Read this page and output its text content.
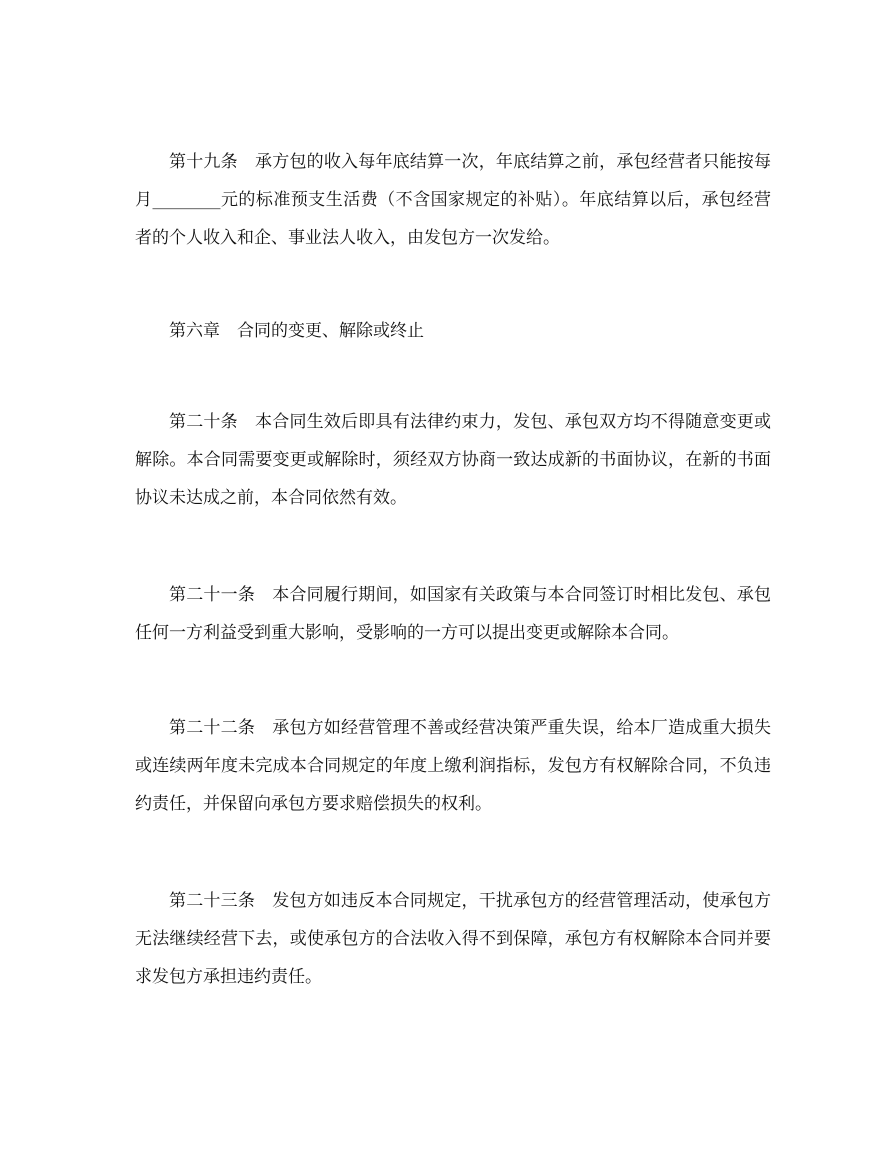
第十九条　承方包的收入每年底结算一次，年底结算之前，承包经营者只能按每月________元的标准预支生活费（不含国家规定的补贴）。年底结算以后，承包经营者的个人收入和企、事业法人收入，由发包方一次发给。

第六章　合同的变更、解除或终止

第二十条　本合同生效后即具有法律约束力，发包、承包双方均不得随意变更或解除。本合同需要变更或解除时，须经双方协商一致达成新的书面协议，在新的书面协议未达成之前，本合同依然有效。

第二十一条　本合同履行期间，如国家有关政策与本合同签订时相比发包、承包任何一方利益受到重大影响，受影响的一方可以提出变更或解除本合同。

第二十二条　承包方如经营管理不善或经营决策严重失误，给本厂造成重大损失或连续两年度未完成本合同规定的年度上缴利润指标，发包方有权解除合同，不负违约责任，并保留向承包方要求赔偿损失的权利。

第二十三条　发包方如违反本合同规定，干扰承包方的经营管理活动，使承包方无法继续经营下去，或使承包方的合法收入得不到保障，承包方有权解除本合同并要求发包方承担违约责任。
